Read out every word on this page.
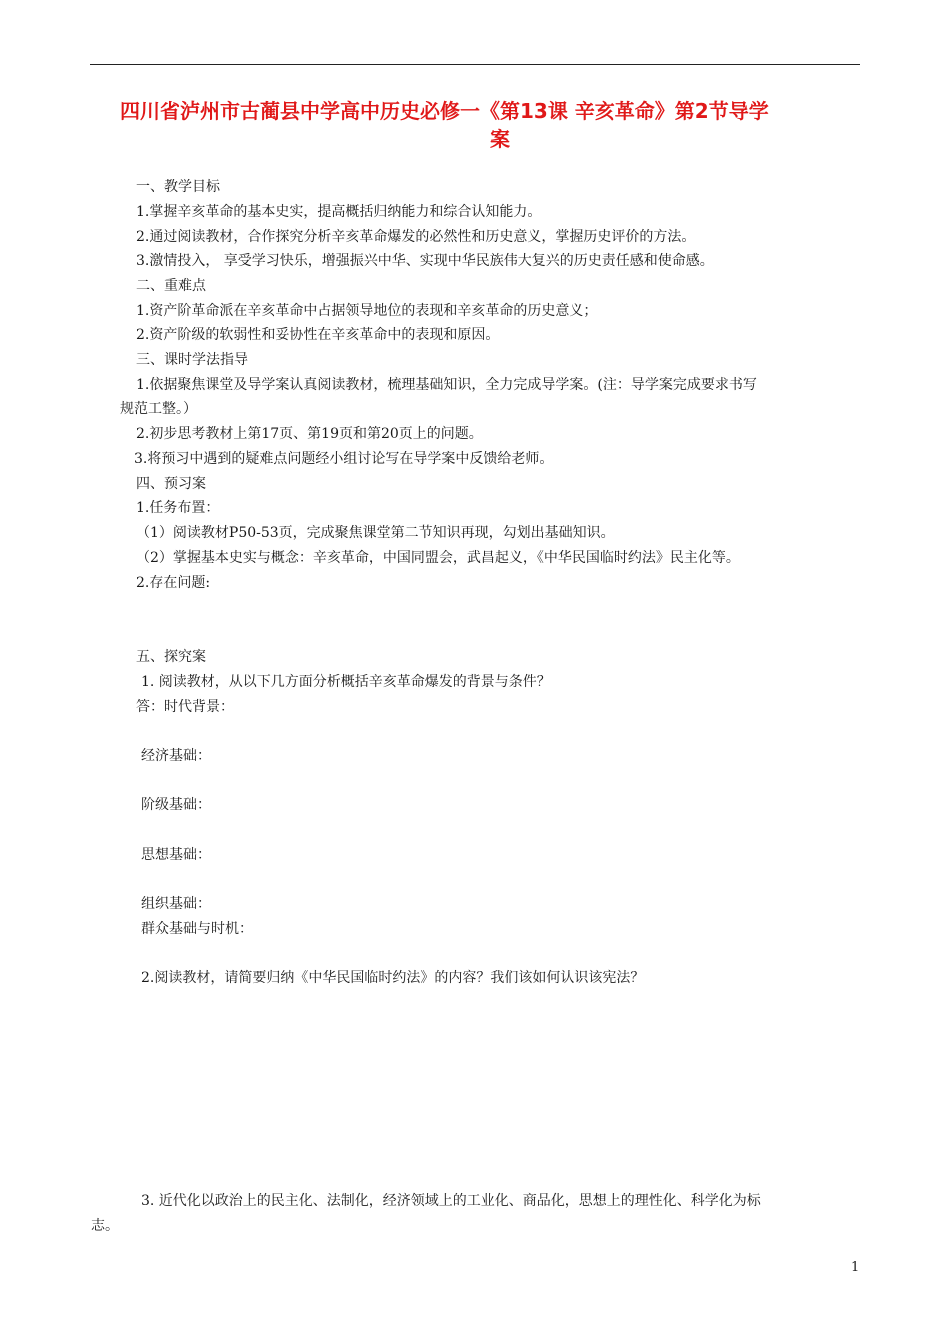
四川省泸州市古蔺县中学高中历史必修一《第13课 辛亥革命》第2节导学
案
一、教学目标
1.掌握辛亥革命的基本史实，提高概括归纳能力和综合认知能力。
2.通过阅读教材，合作探究分析辛亥革命爆发的必然性和历史意义，掌握历史评价的方法。
3.激情投入， 享受学习快乐，增强振兴中华、实现中华民族伟大复兴的历史责任感和使命感。
二、重难点
1.资产阶革命派在辛亥革命中占据领导地位的表现和辛亥革命的历史意义；
2.资产阶级的软弱性和妥协性在辛亥革命中的表现和原因。
三、课时学法指导
1.依据聚焦课堂及导学案认真阅读教材，梳理基础知识，全力完成导学案。(注：导学案完成要求书写
规范工整。）
2.初步思考教材上第17页、第19页和第20页上的问题。
3.将预习中遇到的疑难点问题经小组讨论写在导学案中反馈给老师。
四、预习案
1.任务布置：
（1）阅读教材P50-53页，完成聚焦课堂第二节知识再现，勾划出基础知识。
（2）掌握基本史实与概念：辛亥革命，中国同盟会，武昌起义，《中华民国临时约法》民主化等。
2.存在问题:
五、探究案
1. 阅读教材，从以下几方面分析概括辛亥革命爆发的背景与条件？
答：时代背景：
经济基础：
阶级基础：
思想基础：
组织基础：
群众基础与时机：
2.阅读教材，请简要归纳《中华民国临时约法》的内容？我们该如何认识该宪法？
3. 近代化以政治上的民主化、法制化，经济领域上的工业化、商品化，思想上的理性化、科学化为标
志。
1
